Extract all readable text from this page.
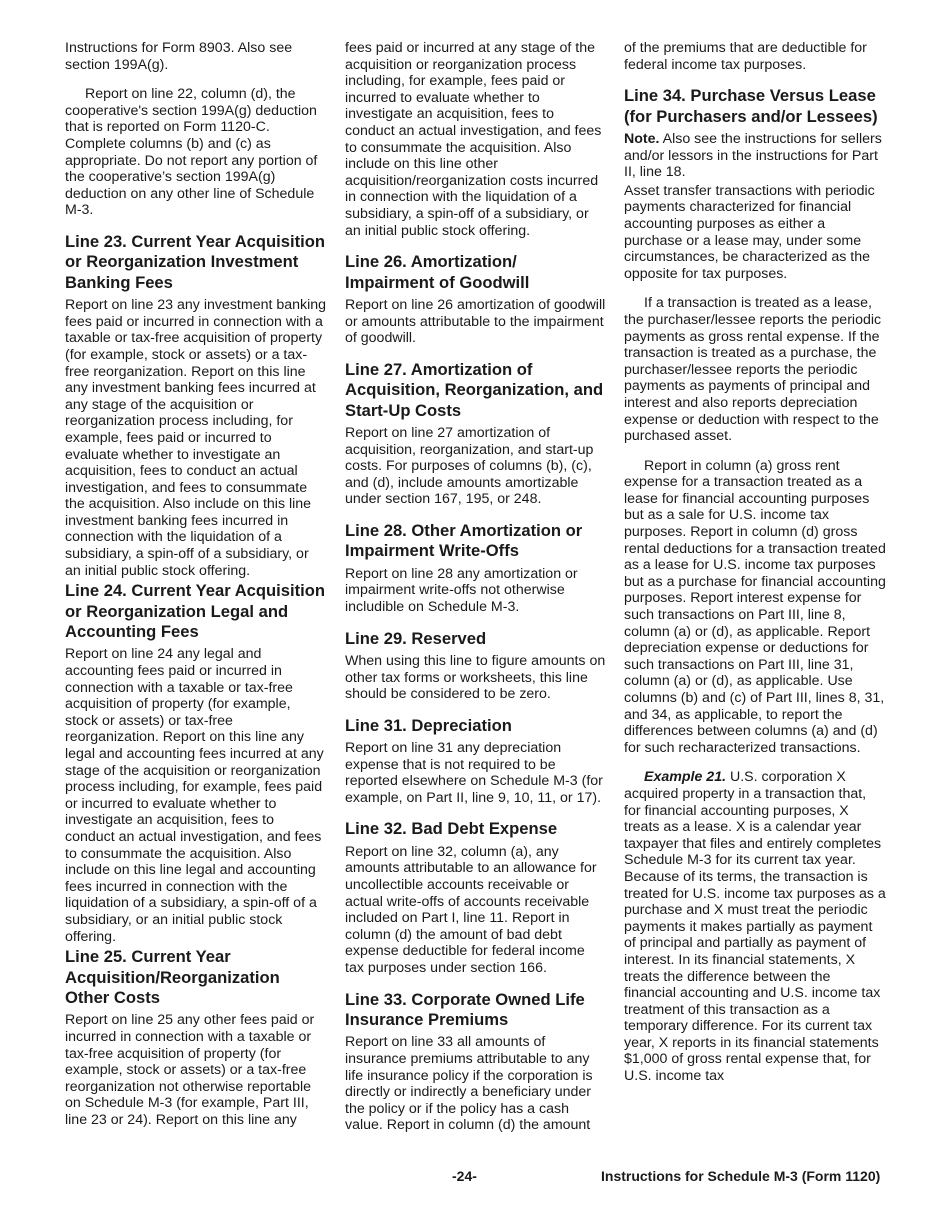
Instructions for Form 8903. Also see section 199A(g).

Report on line 22, column (d), the cooperative's section 199A(g) deduction that is reported on Form 1120-C. Complete columns (b) and (c) as appropriate. Do not report any portion of the cooperative’s section 199A(g) deduction on any other line of Schedule M-3.

Line 23. Current Year Acquisition or Reorganization Investment Banking Fees

Report on line 23 any investment banking fees paid or incurred in connection with a taxable or tax-free acquisition of property (for example, stock or assets) or a tax-free reorganization. Report on this line any investment banking fees incurred at any stage of the acquisition or reorganization process including, for example, fees paid or incurred to evaluate whether to investigate an acquisition, fees to conduct an actual investigation, and fees to consummate the acquisition. Also include on this line investment banking fees incurred in connection with the liquidation of a subsidiary, a spin-off of a subsidiary, or an initial public stock offering.

Line 24. Current Year Acquisition or Reorganization Legal and Accounting Fees

Report on line 24 any legal and accounting fees paid or incurred in connection with a taxable or tax-free acquisition of property (for example, stock or assets) or tax-free reorganization. Report on this line any legal and accounting fees incurred at any stage of the acquisition or reorganization process including, for example, fees paid or incurred to evaluate whether to investigate an acquisition, fees to conduct an actual investigation, and fees to consummate the acquisition. Also include on this line legal and accounting fees incurred in connection with the liquidation of a subsidiary, a spin-off of a subsidiary, or an initial public stock offering.

Line 25. Current Year Acquisition/Reorganization Other Costs

Report on line 25 any other fees paid or incurred in connection with a taxable or tax-free acquisition of property (for example, stock or assets) or a tax-free reorganization not otherwise reportable on Schedule M-3 (for example, Part III, line 23 or 24). Report on this line any

fees paid or incurred at any stage of the acquisition or reorganization process including, for example, fees paid or incurred to evaluate whether to investigate an acquisition, fees to conduct an actual investigation, and fees to consummate the acquisition. Also include on this line other acquisition/reorganization costs incurred in connection with the liquidation of a subsidiary, a spin-off of a subsidiary, or an initial public stock offering.

Line 26. Amortization/ Impairment of Goodwill

Report on line 26 amortization of goodwill or amounts attributable to the impairment of goodwill.

Line 27. Amortization of Acquisition, Reorganization, and Start-Up Costs

Report on line 27 amortization of acquisition, reorganization, and start-up costs. For purposes of columns (b), (c), and (d), include amounts amortizable under section 167, 195, or 248.

Line 28. Other Amortization or Impairment Write-Offs

Report on line 28 any amortization or impairment write-offs not otherwise includible on Schedule M-3.

Line 29. Reserved

When using this line to figure amounts on other tax forms or worksheets, this line should be considered to be zero.

Line 31. Depreciation

Report on line 31 any depreciation expense that is not required to be reported elsewhere on Schedule M-3 (for example, on Part II, line 9, 10, 11, or 17).

Line 32. Bad Debt Expense

Report on line 32, column (a), any amounts attributable to an allowance for uncollectible accounts receivable or actual write-offs of accounts receivable included on Part I, line 11. Report in column (d) the amount of bad debt expense deductible for federal income tax purposes under section 166.

Line 33. Corporate Owned Life Insurance Premiums

Report on line 33 all amounts of insurance premiums attributable to any life insurance policy if the corporation is directly or indirectly a beneficiary under the policy or if the policy has a cash value. Report in column (d) the amount

of the premiums that are deductible for federal income tax purposes.

Line 34. Purchase Versus Lease (for Purchasers and/or Lessees)

Note. Also see the instructions for sellers and/or lessors in the instructions for Part II, line 18.

Asset transfer transactions with periodic payments characterized for financial accounting purposes as either a purchase or a lease may, under some circumstances, be characterized as the opposite for tax purposes.

If a transaction is treated as a lease, the purchaser/lessee reports the periodic payments as gross rental expense. If the transaction is treated as a purchase, the purchaser/lessee reports the periodic payments as payments of principal and interest and also reports depreciation expense or deduction with respect to the purchased asset.

Report in column (a) gross rent expense for a transaction treated as a lease for financial accounting purposes but as a sale for U.S. income tax purposes. Report in column (d) gross rental deductions for a transaction treated as a lease for U.S. income tax purposes but as a purchase for financial accounting purposes. Report interest expense for such transactions on Part III, line 8, column (a) or (d), as applicable. Report depreciation expense or deductions for such transactions on Part III, line 31, column (a) or (d), as applicable. Use columns (b) and (c) of Part III, lines 8, 31, and 34, as applicable, to report the differences between columns (a) and (d) for such recharacterized transactions.

Example 21. U.S. corporation X acquired property in a transaction that, for financial accounting purposes, X treats as a lease. X is a calendar year taxpayer that files and entirely completes Schedule M-3 for its current tax year. Because of its terms, the transaction is treated for U.S. income tax purposes as a purchase and X must treat the periodic payments it makes partially as payment of principal and partially as payment of interest. In its financial statements, X treats the difference between the financial accounting and U.S. income tax treatment of this transaction as a temporary difference. For its current tax year, X reports in its financial statements $1,000 of gross rental expense that, for U.S. income tax

-24-	Instructions for Schedule M-3 (Form 1120)
